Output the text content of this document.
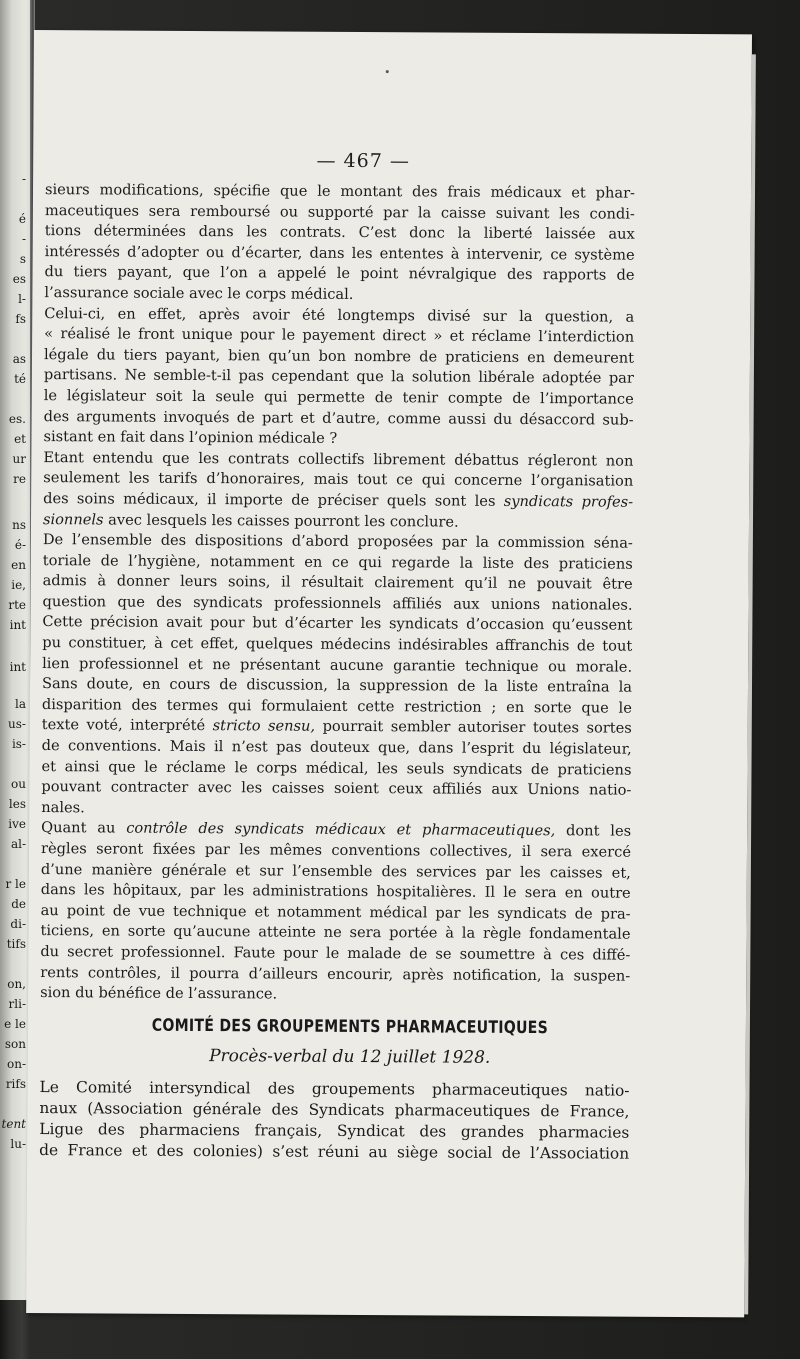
-
é
-
s
es
l-
fs
as
té
es.
et
ur
re
ns
é-
en
ie,
rte
int
int
la
us-
is-
ou
les
ive
al-
r le
de
di-
tifs
on,
rli-
e le
son
on-
rifs
tent
lu-
— 467 —
sieurs modifications, spécifie que le montant des frais médicaux et phar-
maceutiques sera remboursé ou supporté par la caisse suivant les condi-
tions déterminées dans les contrats. C’est donc la liberté laissée aux
intéressés d’adopter ou d’écarter, dans les ententes à intervenir, ce système
du tiers payant, que l’on a appelé le point névralgique des rapports de
l’assurance sociale avec le corps médical.
Celui-ci, en effet, après avoir été longtemps divisé sur la question, a
« réalisé le front unique pour le payement direct » et réclame l’interdiction
légale du tiers payant, bien qu’un bon nombre de praticiens en demeurent
partisans. Ne semble-t-il pas cependant que la solution libérale adoptée par
le législateur soit la seule qui permette de tenir compte de l’importance
des arguments invoqués de part et d’autre, comme aussi du désaccord sub-
sistant en fait dans l’opinion médicale ?
Etant entendu que les contrats collectifs librement débattus régleront non
seulement les tarifs d’honoraires, mais tout ce qui concerne l’organisation
des soins médicaux, il importe de préciser quels sont les syndicats profes-
sionnels avec lesquels les caisses pourront les conclure.
De l’ensemble des dispositions d’abord proposées par la commission séna-
toriale de l’hygiène, notamment en ce qui regarde la liste des praticiens
admis à donner leurs soins, il résultait clairement qu’il ne pouvait être
question que des syndicats professionnels affiliés aux unions nationales.
Cette précision avait pour but d’écarter les syndicats d’occasion qu’eussent
pu constituer, à cet effet, quelques médecins indésirables affranchis de tout
lien professionnel et ne présentant aucune garantie technique ou morale.
Sans doute, en cours de discussion, la suppression de la liste entraîna la
disparition des termes qui formulaient cette restriction ; en sorte que le
texte voté, interprété stricto sensu, pourrait sembler autoriser toutes sortes
de conventions. Mais il n’est pas douteux que, dans l’esprit du législateur,
et ainsi que le réclame le corps médical, les seuls syndicats de praticiens
pouvant contracter avec les caisses soient ceux affiliés aux Unions natio-
nales.
Quant au contrôle des syndicats médicaux et pharmaceutiques, dont les
règles seront fixées par les mêmes conventions collectives, il sera exercé
d’une manière générale et sur l’ensemble des services par les caisses et,
dans les hôpitaux, par les administrations hospitalières. Il le sera en outre
au point de vue technique et notamment médical par les syndicats de pra-
ticiens, en sorte qu’aucune atteinte ne sera portée à la règle fondamentale
du secret professionnel. Faute pour le malade de se soumettre à ces diffé-
rents contrôles, il pourra d’ailleurs encourir, après notification, la suspen-
sion du bénéfice de l’assurance.
COMITÉ DES GROUPEMENTS PHARMACEUTIQUES
Procès-verbal du 12 juillet 1928.
Le Comité intersyndical des groupements pharmaceutiques natio-
naux (Association générale des Syndicats pharmaceutiques de France,
Ligue des pharmaciens français, Syndicat des grandes pharmacies
de France et des colonies) s’est réuni au siège social de l’Association
